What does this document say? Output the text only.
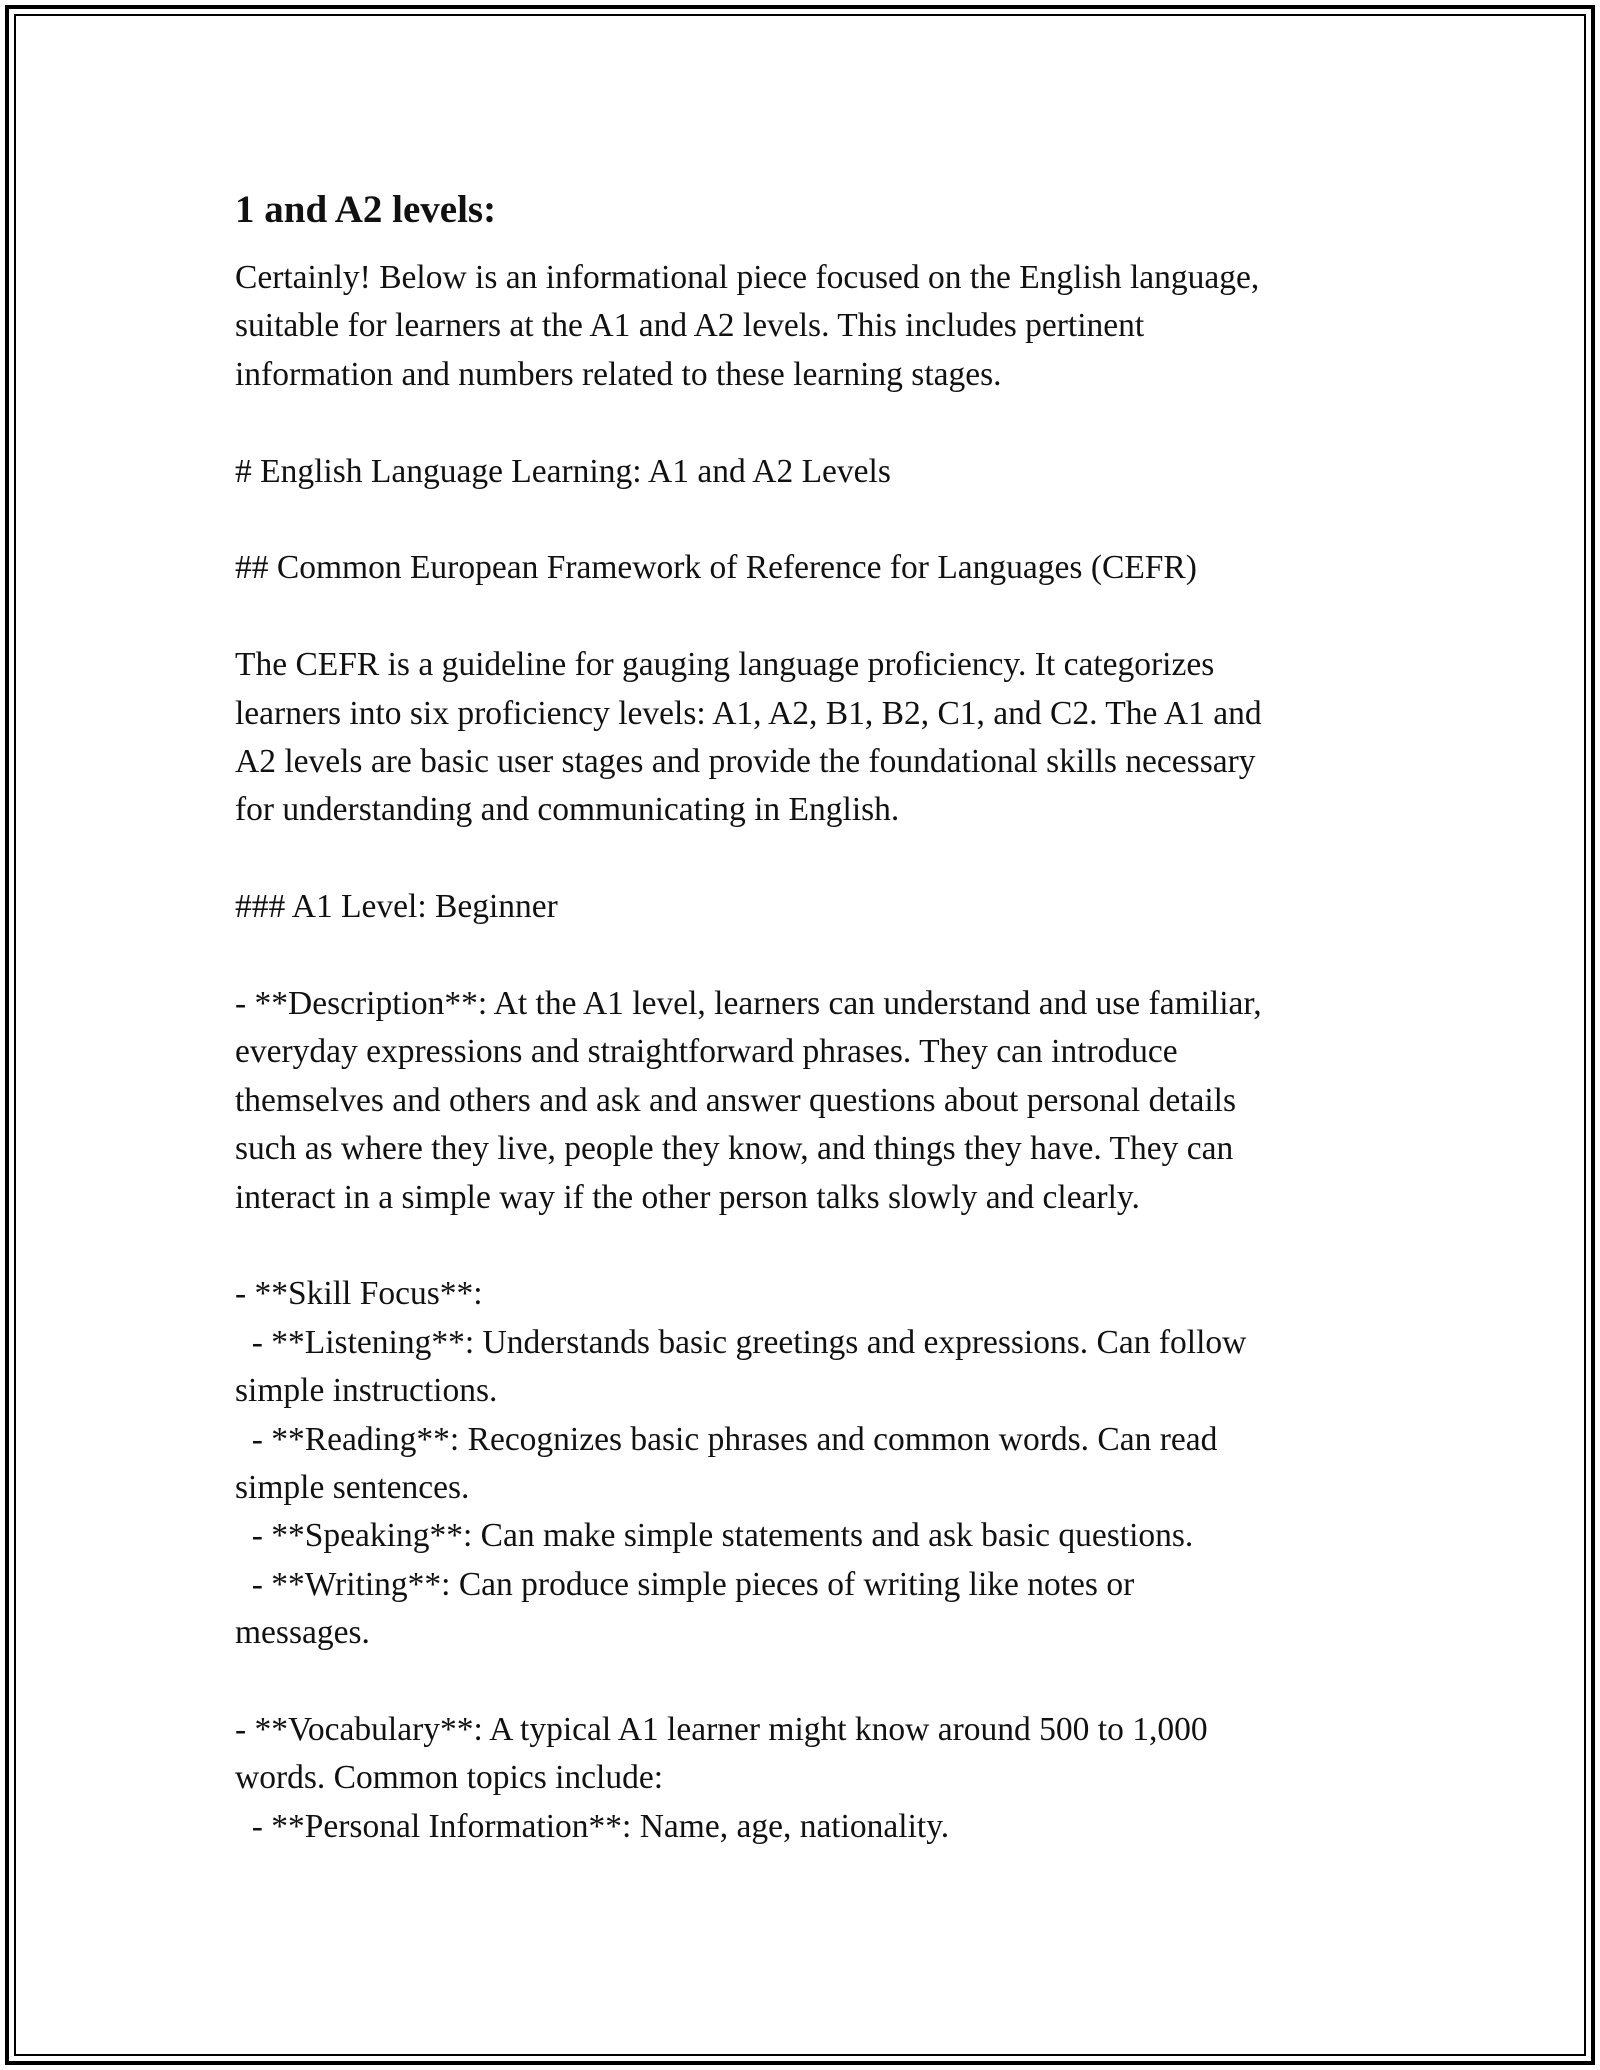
1 and A2 levels:
Certainly! Below is an informational piece focused on the English language,
suitable for learners at the A1 and A2 levels. This includes pertinent
information and numbers related to these learning stages.
# English Language Learning: A1 and A2 Levels
## Common European Framework of Reference for Languages (CEFR)
The CEFR is a guideline for gauging language proficiency. It categorizes
learners into six proficiency levels: A1, A2, B1, B2, C1, and C2. The A1 and
A2 levels are basic user stages and provide the foundational skills necessary
for understanding and communicating in English.
### A1 Level: Beginner
- **Description**: At the A1 level, learners can understand and use familiar,
everyday expressions and straightforward phrases. They can introduce
themselves and others and ask and answer questions about personal details
such as where they live, people they know, and things they have. They can
interact in a simple way if the other person talks slowly and clearly.
- **Skill Focus**:
- **Listening**: Understands basic greetings and expressions. Can follow
simple instructions.
- **Reading**: Recognizes basic phrases and common words. Can read
simple sentences.
- **Speaking**: Can make simple statements and ask basic questions.
- **Writing**: Can produce simple pieces of writing like notes or
messages.
- **Vocabulary**: A typical A1 learner might know around 500 to 1,000
words. Common topics include:
- **Personal Information**: Name, age, nationality.
